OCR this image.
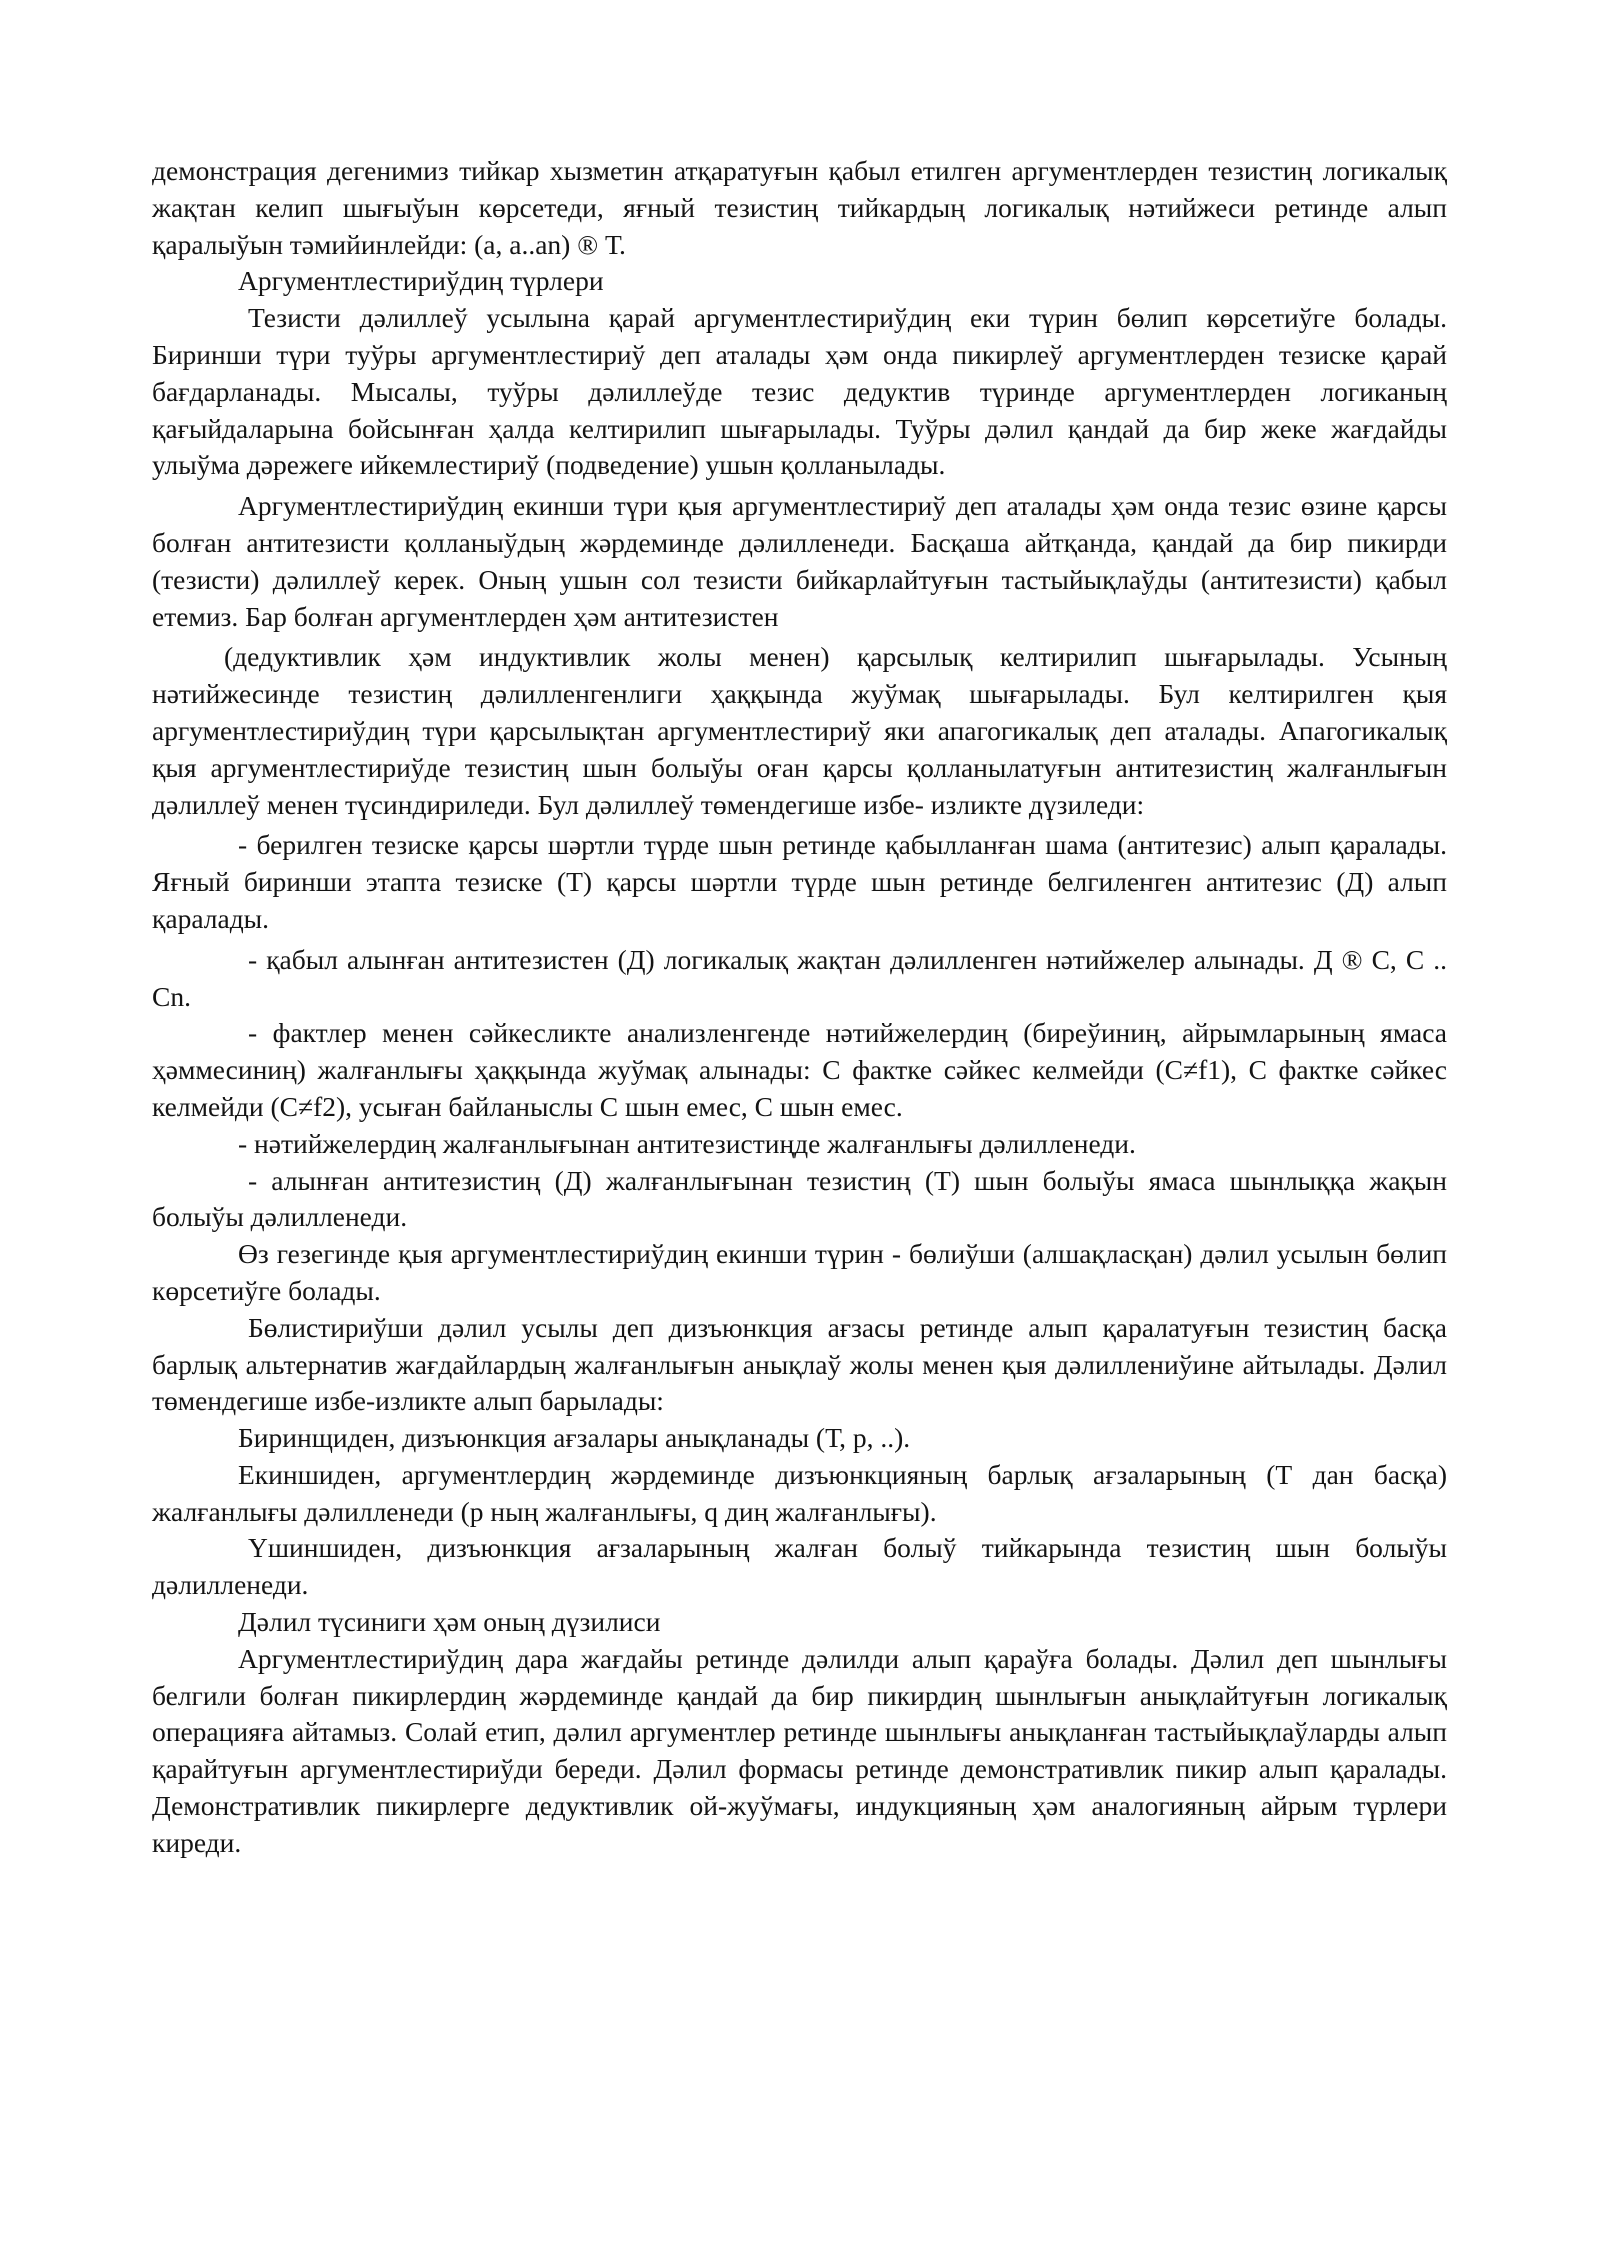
демонстрация дегенимиз тийкар хызметин атқаратуғын қабыл етилген аргументлерден тезистиң логикалық жақтан келип шығыўын көрсетеди, яғный тезистиң тийкардың логикалық нәтийжеси ретинде алып қаралыўын тәмийинлейди: (а, а..аn) ® Т.

Аргументлестириўдиң түрлери

Тезисти дәлиллеў усылына қарай аргументлестириўдиң еки түрин бөлип көрсетиўге болады. Биринши түри туўры аргументлестириў деп аталады ҳәм онда пикирлеў аргументлерден тезиске қарай бағдарланады. Мысалы, туўры дәлиллеўде тезис дедуктив түринде аргументлерден логиканың қағыйдаларына бойсынған ҳалда келтирилип шығарылады. Туўры дәлил қандай да бир жеке жағдайды улыўма дәрежеге ийкемлестириў (подведение) ушын қолланылады.

Аргументлестириўдиң екинши түри қыя аргументлестириў деп аталады ҳәм онда тезис өзине қарсы болған антитезисти қолланыўдың жәрдеминде дәлилленеди. Басқаша айтқанда, қандай да бир пикирди (тезисти) дәлиллеў керек. Оның ушын сол тезисти бийкарлайтуғын тастыйықлаўды (антитезисти) қабыл етемиз. Бар болған аргументлерден ҳәм антитезистен

(дедуктивлик ҳәм индуктивлик жолы менен) қарсылық келтирилип шығарылады. Усының нәтийжесинде тезистиң дәлилленгенлиги ҳаққында жуўмақ шығарылады. Бул келтирилген қыя аргументлестириўдиң түри қарсылықтан аргументлестириў яки апагогикалық деп аталады. Апагогикалық қыя аргументлестириўде тезистиң шын болыўы оған қарсы қолланылатуғын антитезистиң жалғанлығын дәлиллеў менен түсиндириледи. Бул дәлиллеў төмендегише избе- изликте дүзиледи:

- берилген тезиске қарсы шәртли түрде шын ретинде қабылланған шама (антитезис) алып қаралады. Яғный биринши этапта тезиске (Т) қарсы шәртли түрде шын ретинде белгиленген антитезис (Д) алып қаралады.

- қабыл алынған антитезистен (Д) логикалық жақтан дәлилленген нәтийжелер алынады. Д ® С, С .. Сn.

- фактлер менен сәйкесликте анализленгенде нәтийжелердиң (биреўиниң, айрымларының ямаса ҳәммесиниң) жалғанлығы ҳаққында жуўмақ алынады: С фактке сәйкес келмейди (С≠f1), С фактке сәйкес келмейди (С≠f2), усыған байланыслы С шын емес, С шын емес.

- нәтийжелердиң жалғанлығынан антитезистиңде жалғанлығы дәлилленеди.

- алынған антитезистиң (Д) жалғанлығынан тезистиң (Т) шын болыўы ямаса шынлыққа жақын болыўы дәлилленеди.

Өз гезегинде қыя аргументлестириўдиң екинши түрин - бөлиўши (алшақласқан) дәлил усылын бөлип көрсетиўге болады.

Бөлистириўши дәлил усылы деп дизъюнкция ағзасы ретинде алып қаралатуғын тезистиң басқа барлық альтернатив жағдайлардың жалғанлығын анықлаў жолы менен қыя дәлиллениўине айтылады. Дәлил төмендегише избе-изликте алып барылады:

Биринщиден, дизъюнкция ағзалары анықланады (Т, р, ..).

Екиншиден, аргументлердиң жәрдеминде дизъюнкцияның барлық ағзаларының (Т дан басқа) жалғанлығы дәлилленеди (р ның жалғанлығы, q диң жалғанлығы).

Үшиншиден, дизъюнкция ағзаларының жалған болыў тийкарында тезистиң шын болыўы дәлилленеди.

Дәлил түсиниги ҳәм оның дүзилиси

Аргументлестириўдиң дара жағдайы ретинде дәлилди алып қараўға болады. Дәлил деп шынлығы белгили болған пикирлердиң жәрдеминде қандай да бир пикирдиң шынлығын анықлайтуғын логикалық операцияға айтамыз. Солай етип, дәлил аргументлер ретинде шынлығы анықланған тастыйықлаўларды алып қарайтуғын аргументлестириўди береди. Дәлил формасы ретинде демонстративлик пикир алып қаралады. Демонстративлик пикирлерге дедуктивлик ой-жуўмағы, индукцияның ҳәм аналогияның айрым түрлери киреди.
